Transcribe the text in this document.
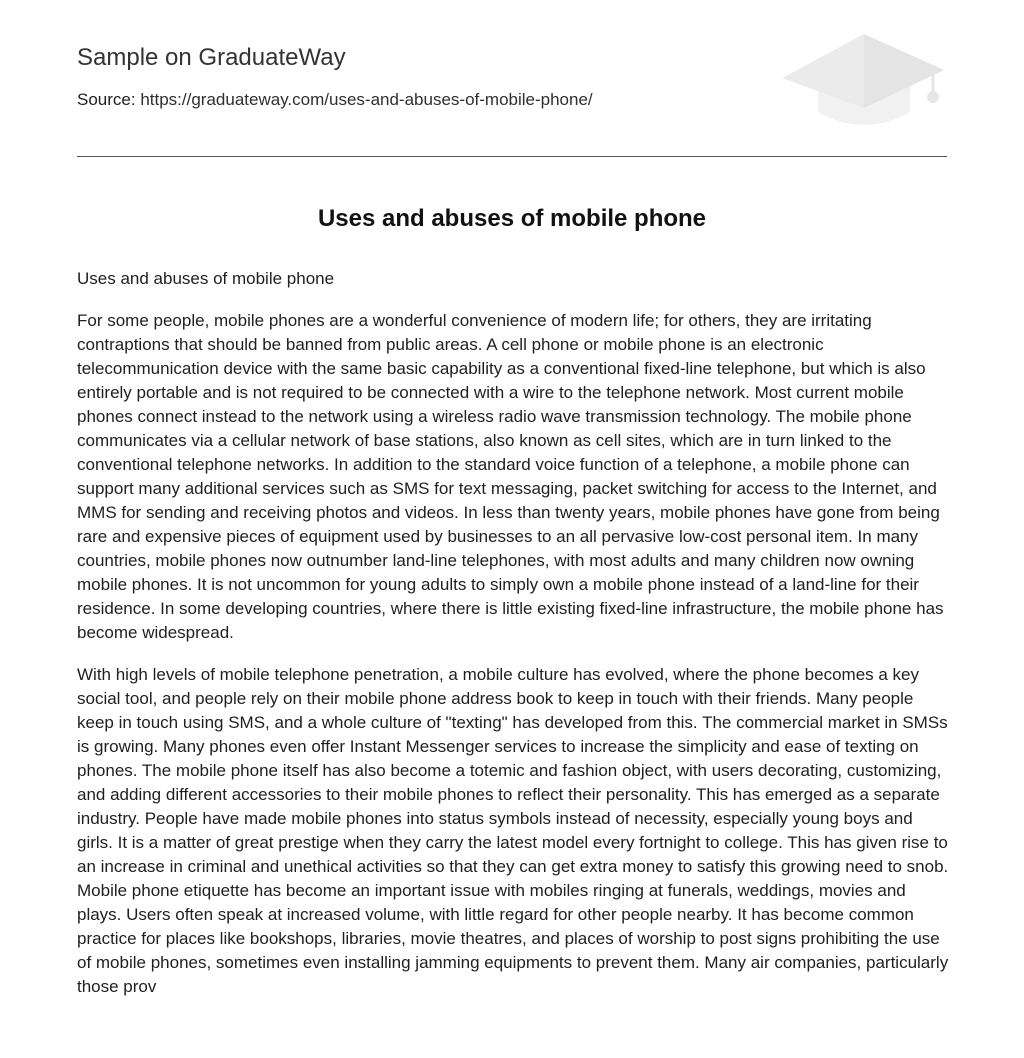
Sample on GraduateWay
Source: https://graduateway.com/uses-and-abuses-of-mobile-phone/
Uses and abuses of mobile phone

Uses and abuses of mobile phone

For some people, mobile phones are a wonderful convenience of modern life; for others, they are irritating contraptions that should be banned from public areas. A cell phone or mobile phone is an electronic telecommunication device with the same basic capability as a conventional fixed-line telephone, but which is also entirely portable and is not required to be connected with a wire to the telephone network. Most current mobile phones connect instead to the network using a wireless radio wave transmission technology. The mobile phone communicates via a cellular network of base stations, also known as cell sites, which are in turn linked to the conventional telephone networks. In addition to the standard voice function of a telephone, a mobile phone can support many additional services such as SMS for text messaging, packet switching for access to the Internet, and MMS for sending and receiving photos and videos. In less than twenty years, mobile phones have gone from being rare and expensive pieces of equipment used by businesses to an all pervasive low-cost personal item. In many countries, mobile phones now outnumber land-line telephones, with most adults and many children now owning mobile phones. It is not uncommon for young adults to simply own a mobile phone instead of a land-line for their residence. In some developing countries, where there is little existing fixed-line infrastructure, the mobile phone has become widespread.

With high levels of mobile telephone penetration, a mobile culture has evolved, where the phone becomes a key social tool, and people rely on their mobile phone address book to keep in touch with their friends. Many people keep in touch using SMS, and a whole culture of "texting" has developed from this. The commercial market in SMSs is growing. Many phones even offer Instant Messenger services to increase the simplicity and ease of texting on phones. The mobile phone itself has also become a totemic and fashion object, with users decorating, customizing, and adding different accessories to their mobile phones to reflect their personality. This has emerged as a separate industry. People have made mobile phones into status symbols instead of necessity, especially young boys and girls. It is a matter of great prestige when they carry the latest model every fortnight to college. This has given rise to an increase in criminal and unethical activities so that they can get extra money to satisfy this growing need to snob. Mobile phone etiquette has become an important issue with mobiles ringing at funerals, weddings, movies and plays. Users often speak at increased volume, with little regard for other people nearby. It has become common practice for places like bookshops, libraries, movie theatres, and places of worship to post signs prohibiting the use of mobile phones, sometimes even installing jamming equipments to prevent them. Many air companies, particularly those prov
